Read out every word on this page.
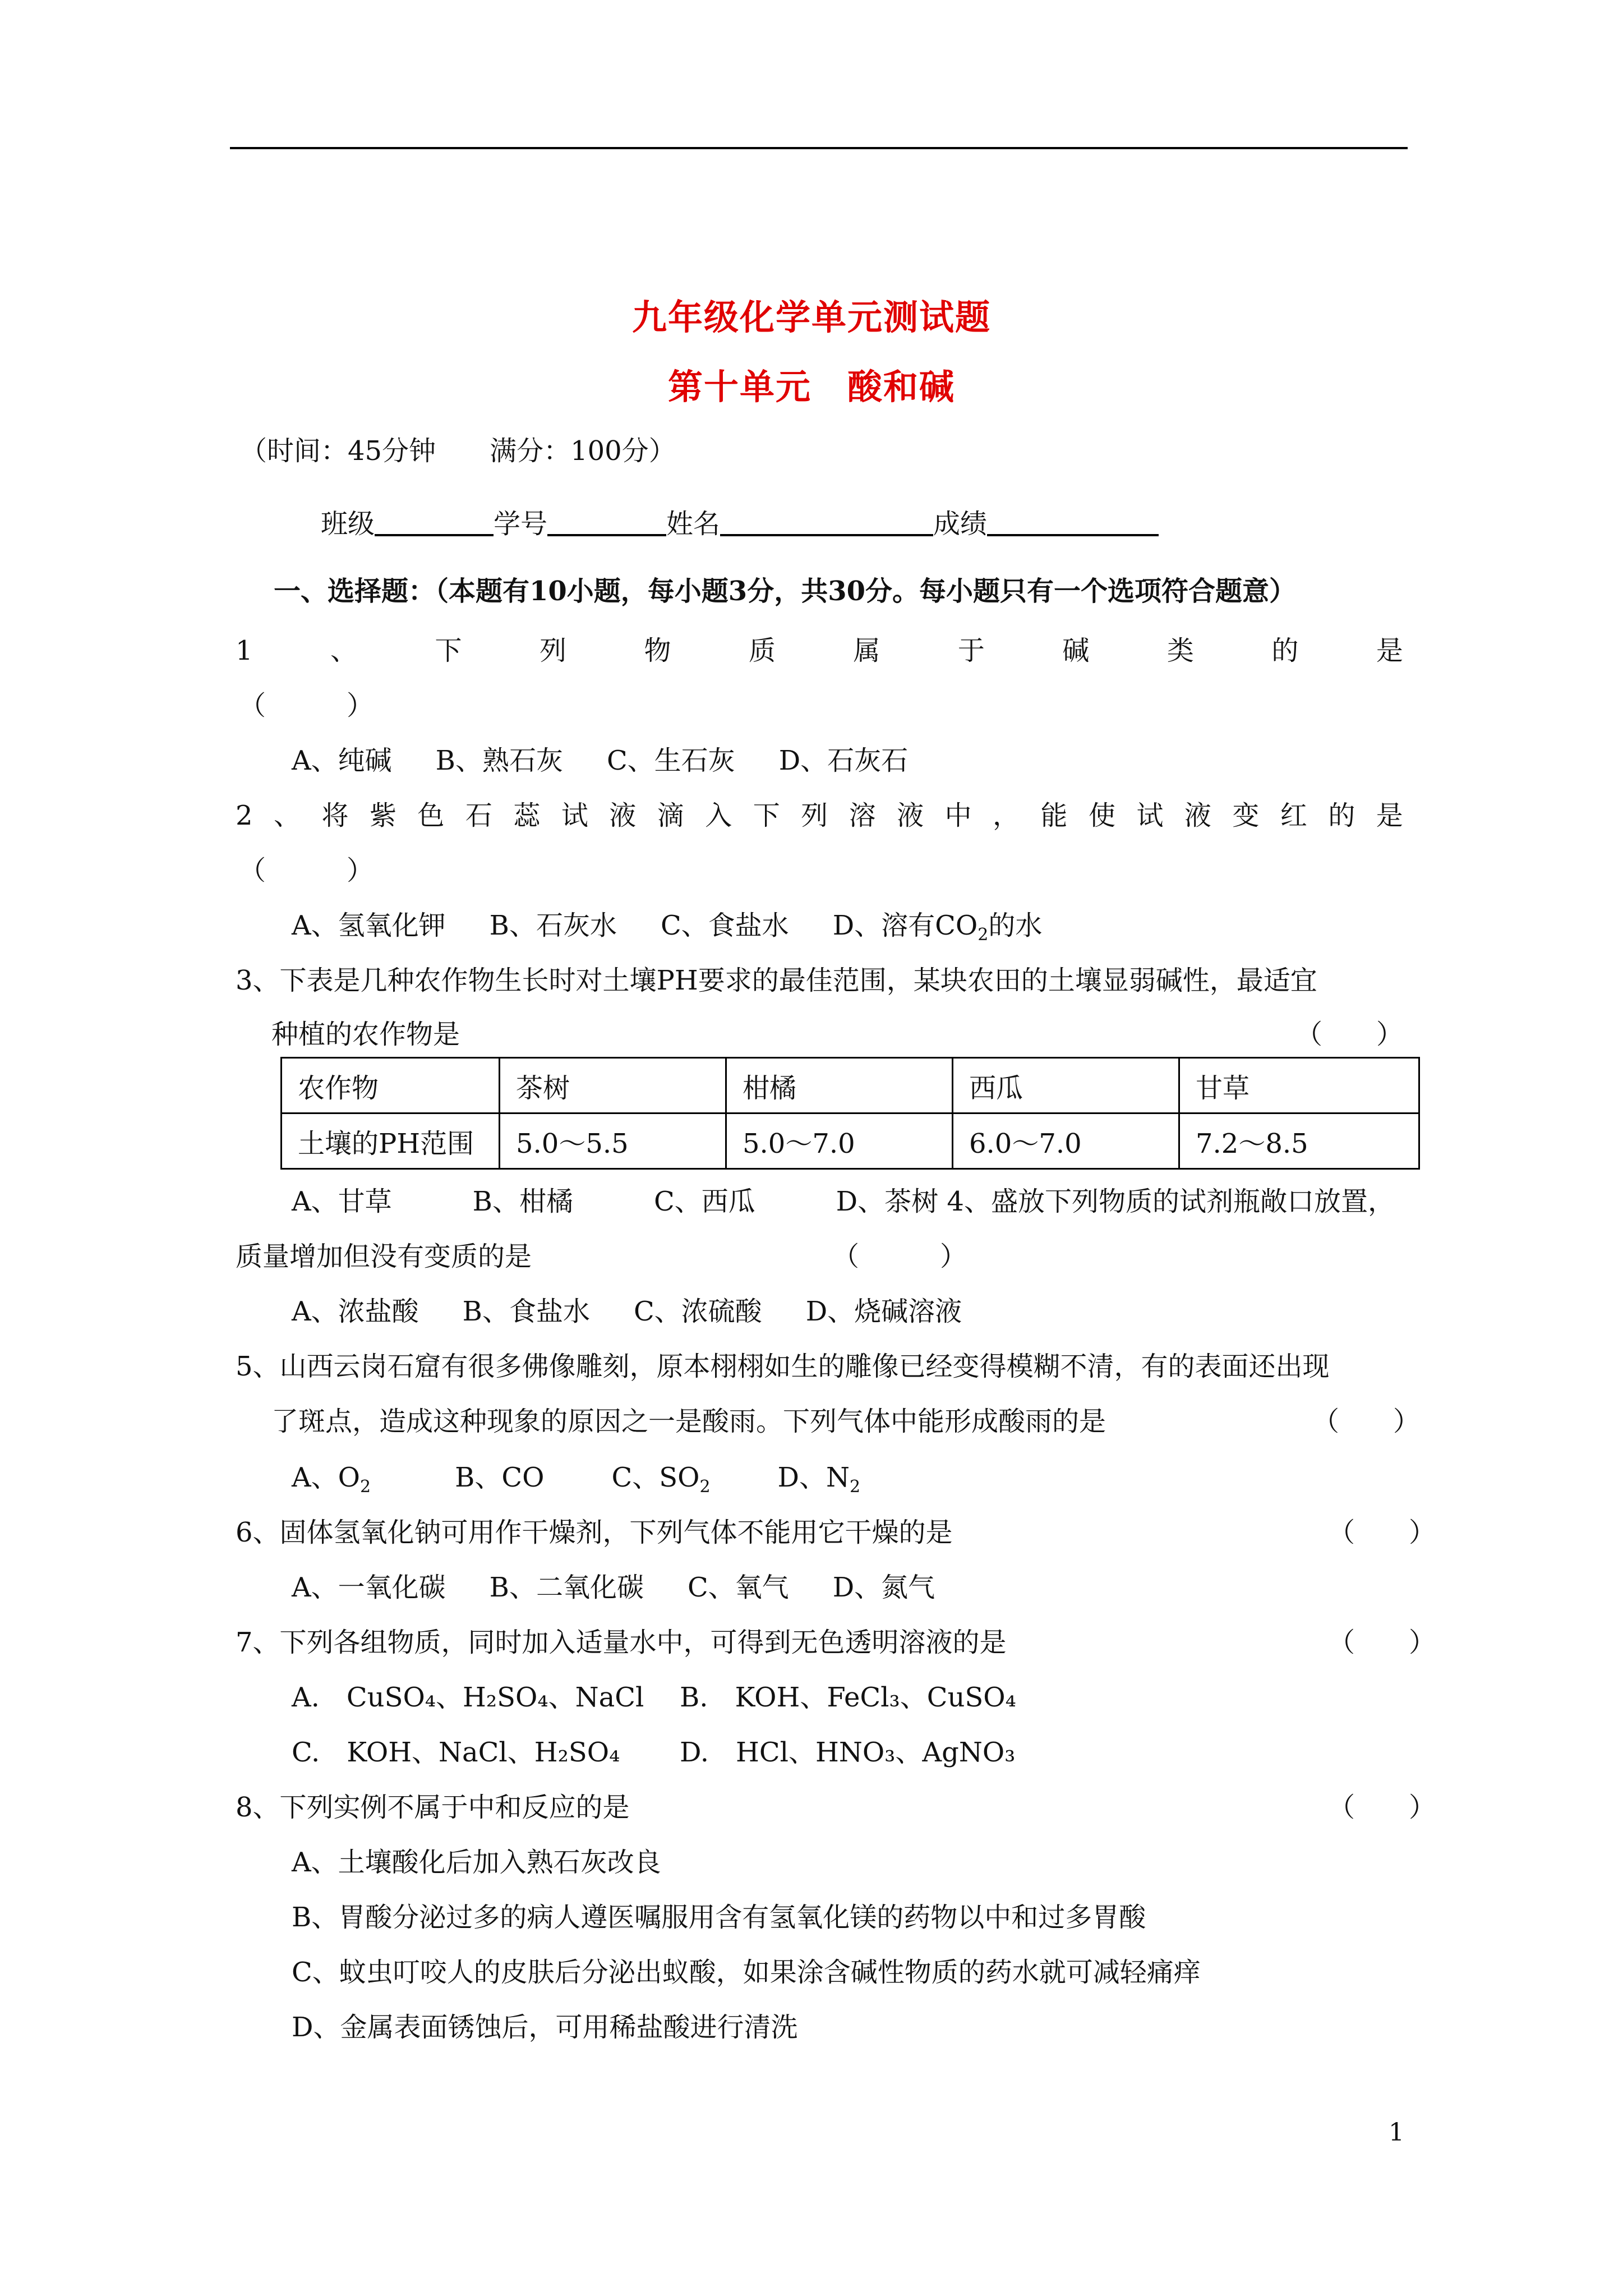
九年级化学单元测试题
第十单元　酸和碱
（时间：45分钟　　满分：100分）
班级	学号	姓名	成绩
一、选择题：（本题有10小题，每小题3分，共30分。每小题只有一个选项符合题意）
1	、	下	列	物	质	属	于	碱	类	的	是
（　　　）
A、纯碱 B、熟石灰 C、生石灰 D、石灰石
2 、 将 紫 色 石 蕊 试 液 滴 入 下 列 溶 液 中 ， 能 使 试 液 变 红 的 是
（　　　）
A、氢氧化钾 B、石灰水 C、食盐水 D、溶有$CO_2$的水
3、下表是几种农作物生长时对土壤PH要求的最佳范围，某块农田的土壤显弱碱性，最适宜
种植的农作物是	（　　）
农作物	茶树	柑橘	西瓜	甘草
土壤的PH范围	5.0～5.5	5.0～7.0	6.0～7.0	7.2～8.5
A、甘草　　　B、柑橘　　　C、西瓜　　　D、茶树 4、盛放下列物质的试剂瓶敞口放置，
质量增加但没有变质的是	（　　　）
A、浓盐酸 B、食盐水 C、浓硫酸 D、烧碱溶液
5、山西云岗石窟有很多佛像雕刻，原本栩栩如生的雕像已经变得模糊不清，有的表面还出现
了斑点，造成这种现象的原因之一是酸雨。下列气体中能形成酸雨的是	（　　）
A、$O_2$	B、CO	C、$SO_2$	D、$N_2$
6、固体氢氧化钠可用作干燥剂，下列气体不能用它干燥的是	（　　）
A、一氧化碳 B、二氧化碳 C、氧气 D、氮气
7、下列各组物质，同时加入适量水中，可得到无色透明溶液的是	（　　）
A.　CuSO₄、H₂SO₄、NaCl B.　KOH、FeCl₃、CuSO₄
C.　KOH、NaCl、H₂SO₄ D.　HCl、HNO₃、AgNO₃
8、下列实例不属于中和反应的是	（　　）
A、土壤酸化后加入熟石灰改良
B、胃酸分泌过多的病人遵医嘱服用含有氢氧化镁的药物以中和过多胃酸
C、蚊虫叮咬人的皮肤后分泌出蚁酸，如果涂含碱性物质的药水就可减轻痛痒
D、金属表面锈蚀后，可用稀盐酸进行清洗
1
